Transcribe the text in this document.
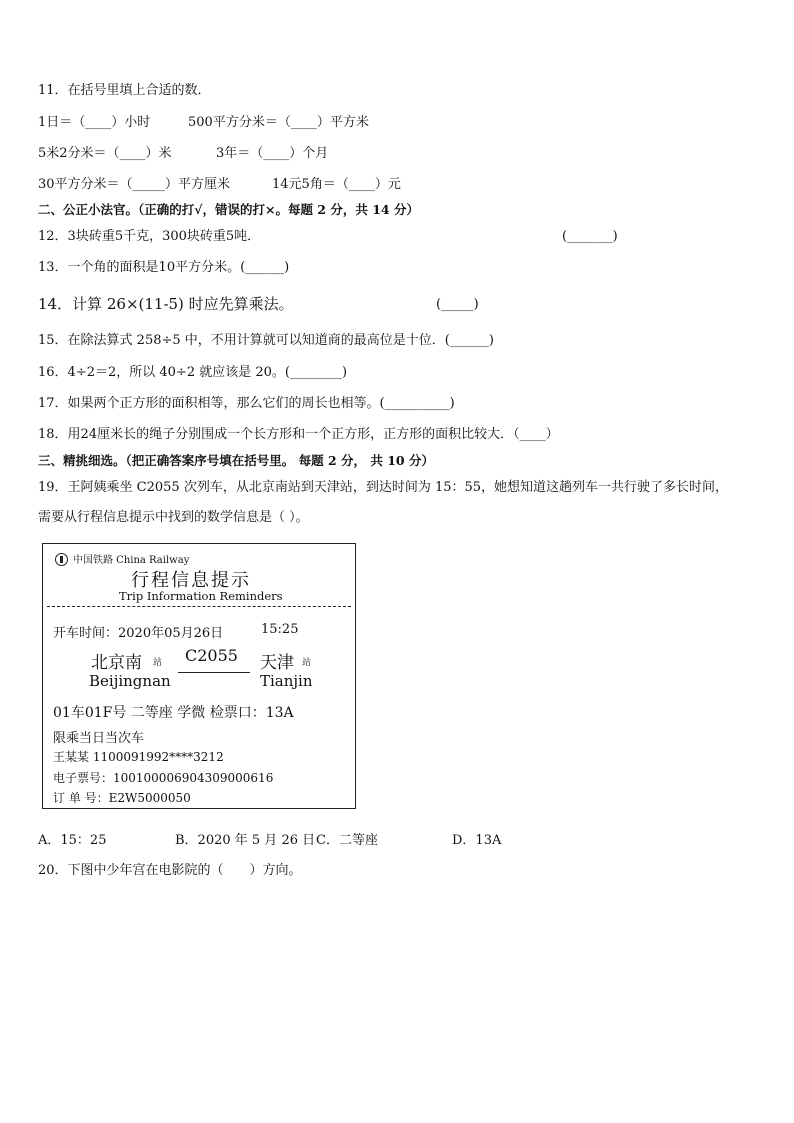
11．在括号里填上合适的数．
1日＝（____）小时	500平方分米＝（____）平方米
5米2分米＝（____）米	3年＝（____）个月
30平方分米＝（_____）平方厘米	14元5角＝（____）元
二、公正小法官。（正确的打√，错误的打×。每题 2 分，共 14 分）
12．3块砖重5千克，300块砖重5吨．	(_______)
13．一个角的面积是10平方分米。(______)
14．计算 26×(11-5) 时应先算乘法。	(_____)
15．在除法算式 258÷5 中，不用计算就可以知道商的最高位是十位．(______)
16．4÷2＝2，所以 40÷2 就应该是 20。(________)
17．如果两个正方形的面积相等，那么它们的周长也相等。(__________)
18．用24厘米长的绳子分别围成一个长方形和一个正方形，正方形的面积比较大．（____）
三、精挑细选。（把正确答案序号填在括号里。 每题 2 分， 共 10 分）
19．王阿姨乘坐 C2055 次列车，从北京南站到天津站，到达时间为 15：55，她想知道这趟列车一共行驶了多长时间，
需要从行程信息提示中找到的数学信息是（ ）。
中国铁路 China Railway
行程信息提示
Trip Information Reminders
开车时间：2020年05月26日	15:25
北京南 站 C2055 天津 站
Beijingnan	Tianjin
01车01F号 二等座 学微 检票口：13A
限乘当日当次车
王某某 1100091992****3212
电子票号：10010000690430900061​6
订 单 号：E2W5000050
A．15：25	B．2020 年 5 月 26 日 C．二等座	D．13A
20．下图中少年宫在电影院的（　　）方向。
